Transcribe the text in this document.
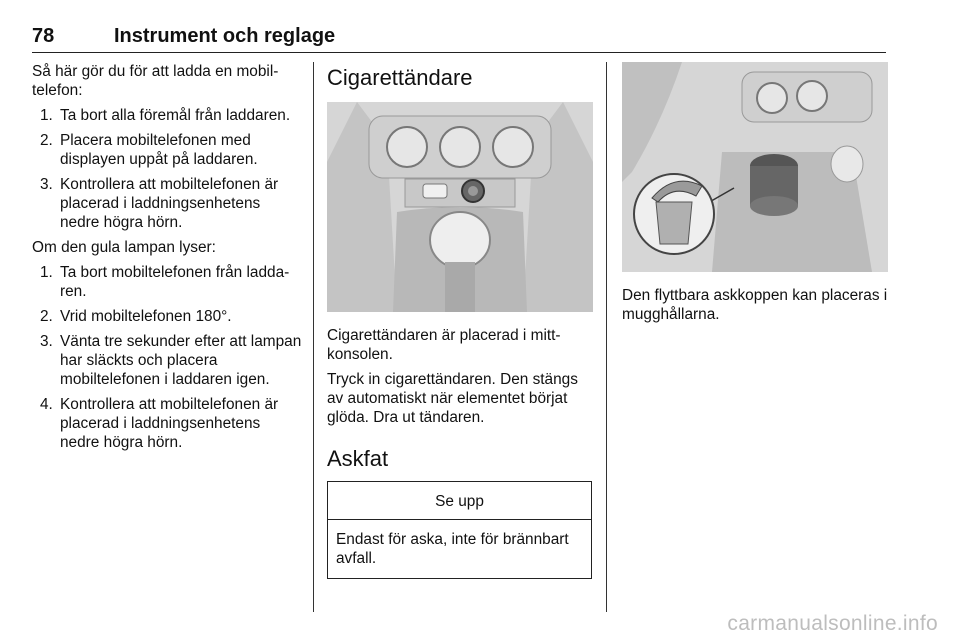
78	Instrument och reglage

Så här gör du för att ladda en mobil-telefon:

1. Ta bort alla föremål från laddaren.
2. Placera mobiltelefonen med displayen uppåt på laddaren.
3. Kontrollera att mobiltelefonen är placerad i laddningsenhetens nedre högra hörn.

Om den gula lampan lyser:

1. Ta bort mobiltelefonen från ladda-ren.
2. Vrid mobiltelefonen 180°.
3. Vänta tre sekunder efter att lampan har släckts och placera mobiltelefonen i laddaren igen.
4. Kontrollera att mobiltelefonen är placerad i laddningsenhetens nedre högra hörn.
Cigarettändare

Cigarettändaren är placerad i mitt-konsolen.

Tryck in cigarettändaren. Den stängs av automatiskt när elementet börjat glöda. Dra ut tändaren.

Askfat
Se upp
Endast för aska, inte för brännbart avfall.

Den flyttbara askkoppen kan placeras i mugghållarna.

carmanualsonline.info
